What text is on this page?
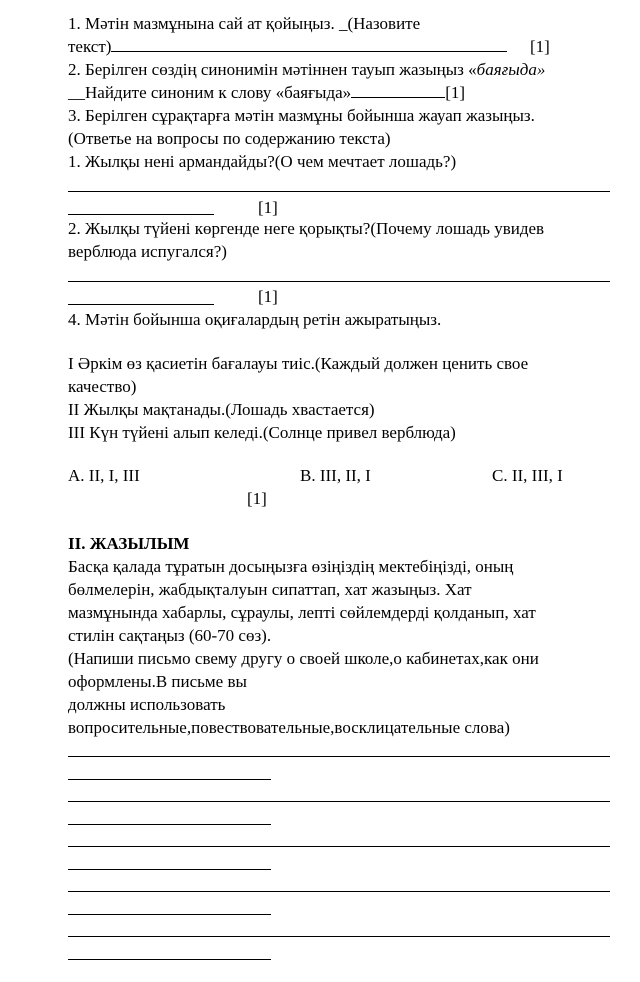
1. Мәтін мазмұнына сай ат қойыңыз. _(Назовите
текст)	[1]
2. Берілген сөздің синонимін мәтіннен тауып жазыңыз «баяғыда»
__Найдите синоним к слову «баяғыда»	[1]
3. Берілген сұрақтарға мәтін мазмұны бойынша жауап жазыңыз.
(Ответье на вопросы по содержанию текста)
1. Жылқы нені армандайды?(О чем мечтает лошадь?)
[1]
2. Жылқы түйені көргенде неге қорықты?(Почему лошадь увидев
верблюда испугался?)
[1]
4. Мәтін бойынша оқиғалардың ретін ажыратыңыз.
I Әркім өз қасиетін бағалауы тиіс.(Каждый должен ценить свое
качество)
II Жылқы мақтанады.(Лошадь хвастается)
III Күн түйені алып келеді.(Солнце привел верблюда)
A. II, I, III	B. III, II, I	C. II, III, I
[1]
II. ЖАЗЫЛЫМ
Басқа қалада тұратын досыңызға өзіңіздің мектебіңізді, оның
бөлмелерін, жабдықталуын сипаттап, хат жазыңыз. Хат
мазмұнында хабарлы, сұраулы, лепті сөйлемдерді қолданып, хат
стилін сақтаңыз (60-70 сөз).
(Напиши письмо свему другу о своей школе,о кабинетах,как они
оформлены.В письме вы
должны использовать
вопросительные,повествовательные,восклицательные слова)
